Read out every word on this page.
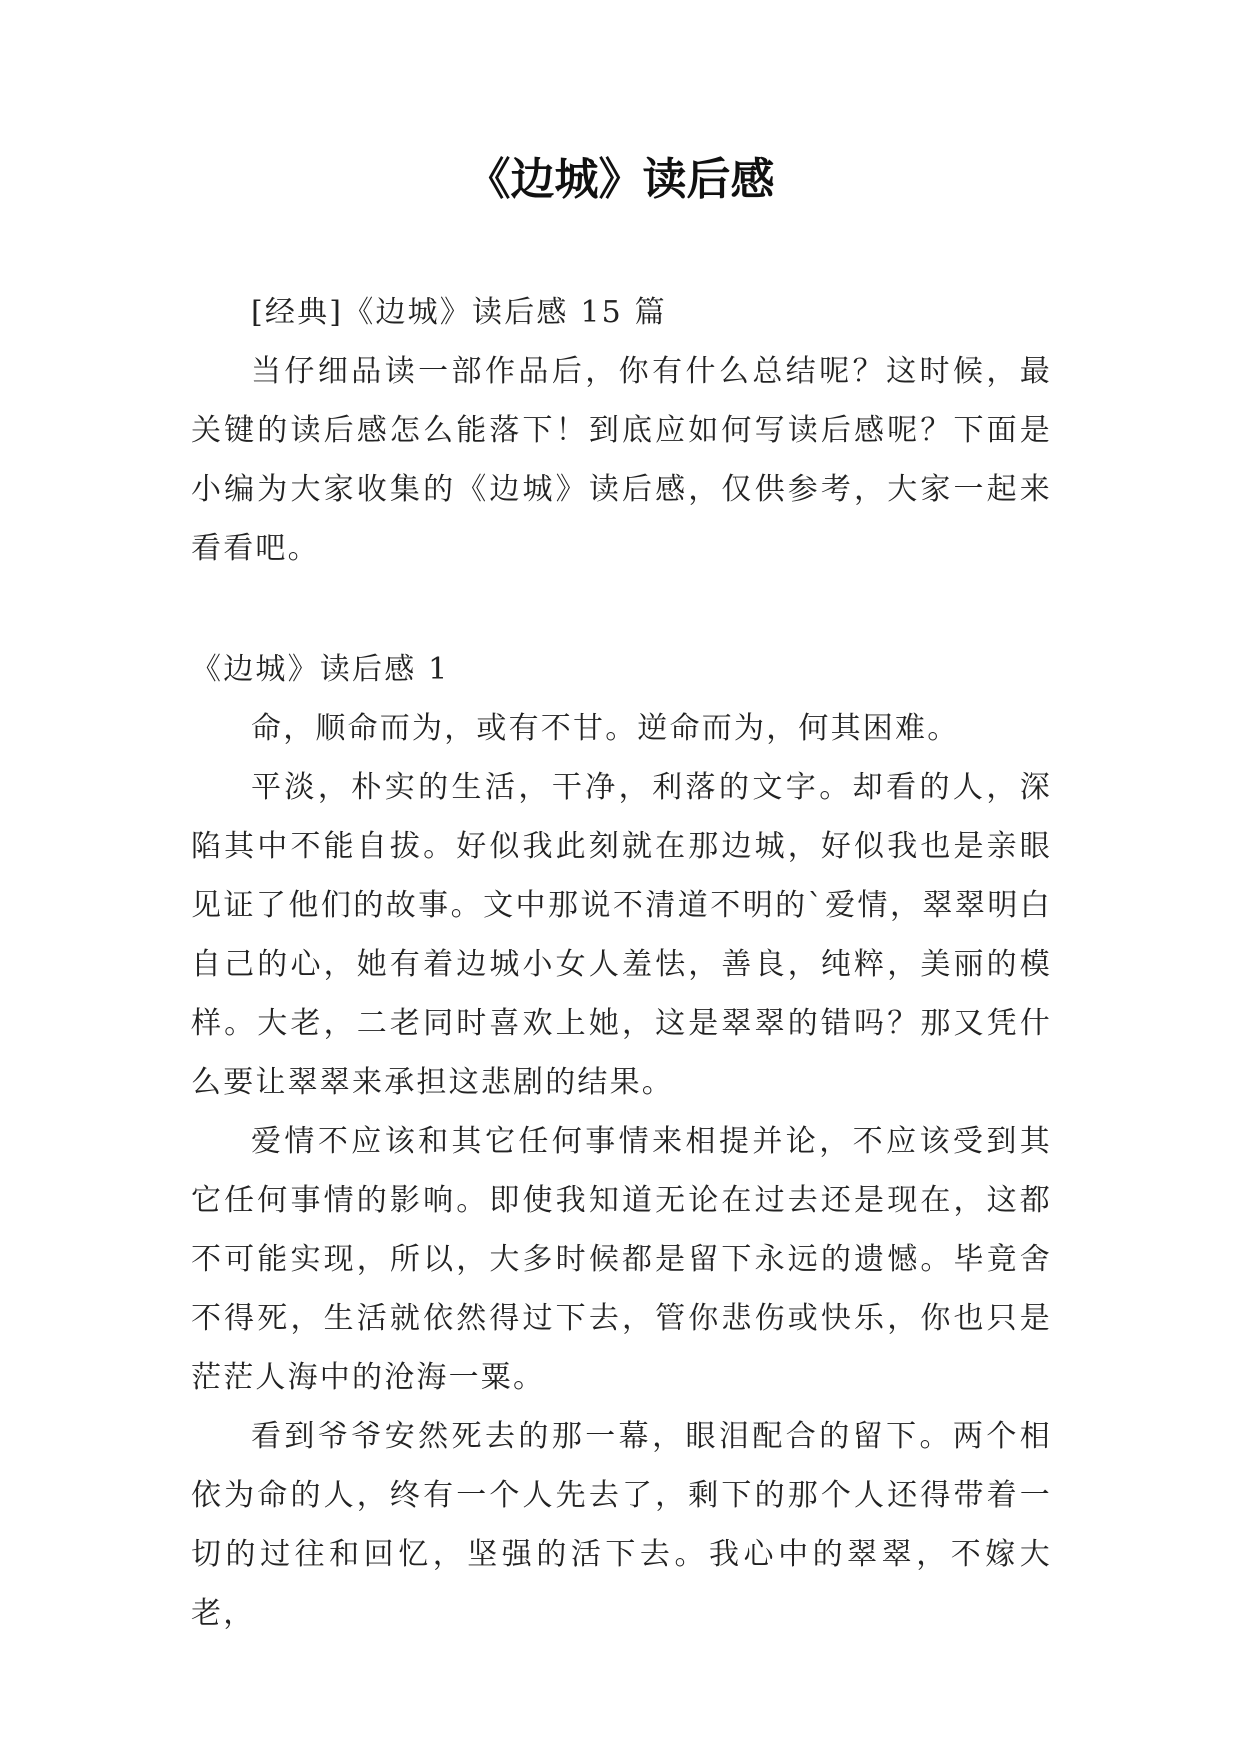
《边城》读后感

[经典]《边城》读后感 15 篇

当仔细品读一部作品后，你有什么总结呢？这时候，最关键的读后感怎么能落下！到底应如何写读后感呢？下面是小编为大家收集的《边城》读后感，仅供参考，大家一起来看看吧。

《边城》读后感 1

命，顺命而为，或有不甘。逆命而为，何其困难。

平淡，朴实的生活，干净，利落的文字。却看的人，深陷其中不能自拔。好似我此刻就在那边城，好似我也是亲眼见证了他们的故事。文中那说不清道不明的`爱情，翠翠明白自己的心，她有着边城小女人羞怯，善良，纯粹，美丽的模样。大老，二老同时喜欢上她，这是翠翠的错吗？那又凭什么要让翠翠来承担这悲剧的结果。

爱情不应该和其它任何事情来相提并论，不应该受到其它任何事情的影响。即使我知道无论在过去还是现在，这都不可能实现，所以，大多时候都是留下永远的遗憾。毕竟舍不得死，生活就依然得过下去，管你悲伤或快乐，你也只是茫茫人海中的沧海一粟。

看到爷爷安然死去的那一幕，眼泪配合的留下。两个相依为命的人，终有一个人先去了，剩下的那个人还得带着一切的过往和回忆，坚强的活下去。我心中的翠翠，不嫁大老，
